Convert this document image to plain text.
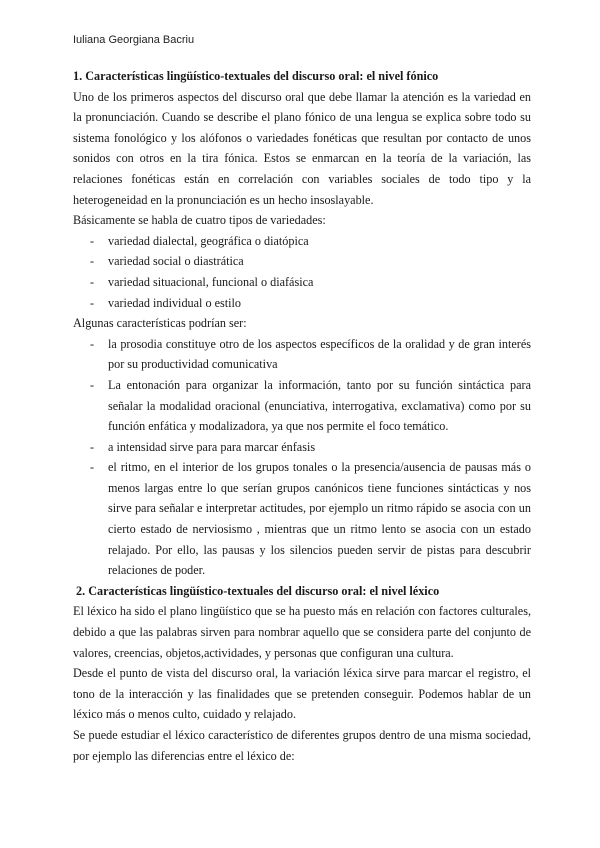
Iuliana Georgiana Bacriu
1. Características lingüístico-textuales del discurso oral: el nivel fónico

Uno de los primeros aspectos del discurso oral que debe llamar la atención es la variedad en la pronunciación. Cuando se describe el plano fónico de una lengua se explica sobre todo su sistema fonológico y los alófonos o variedades fonéticas que resultan por contacto de unos sonidos con otros en la tira fónica. Estos se enmarcan en la teoría de la variación, las relaciones fonéticas están en correlación con variables sociales de todo tipo y la heterogeneidad en la pronunciación es un hecho insoslayable.

Básicamente se habla de cuatro tipos de variedades:

- variedad dialectal, geográfica o diatópica
- variedad social o diastrática
- variedad situacional, funcional o diafásica
- variedad individual o estilo

Algunas características podrían ser:

- la prosodia constituye otro de los aspectos específicos de la oralidad y de gran interés por su productividad comunicativa
- La entonación para organizar la información, tanto por su función sintáctica para señalar la modalidad oracional (enunciativa, interrogativa, exclamativa) como por su función enfática y modalizadora, ya que nos permite el foco temático.
- a intensidad sirve para para marcar énfasis
- el ritmo, en el interior de los grupos tonales o la presencia/ausencia de pausas más o menos largas entre lo que serían grupos canónicos tiene funciones sintácticas y nos sirve para señalar e interpretar actitudes, por ejemplo un ritmo rápido se asocia con un cierto estado de nerviosismo , mientras que un ritmo lento se asocia con un estado relajado. Por ello, las pausas y los silencios pueden servir de pistas para descubrir relaciones de poder.
2. Características lingüístico-textuales del discurso oral: el nivel léxico

El léxico ha sido el plano lingüístico que se ha puesto más en relación con factores culturales, debido a que las palabras sirven para nombrar aquello que se considera parte del conjunto de valores, creencias, objetos,actividades, y personas que configuran una cultura.

Desde el punto de vista del discurso oral, la variación léxica sirve para marcar el registro, el tono de la interacción y las finalidades que se pretenden conseguir. Podemos hablar de un léxico más o menos culto, cuidado y relajado.

Se puede estudiar el léxico característico de diferentes grupos dentro de una misma sociedad, por ejemplo las diferencias entre el léxico de:
